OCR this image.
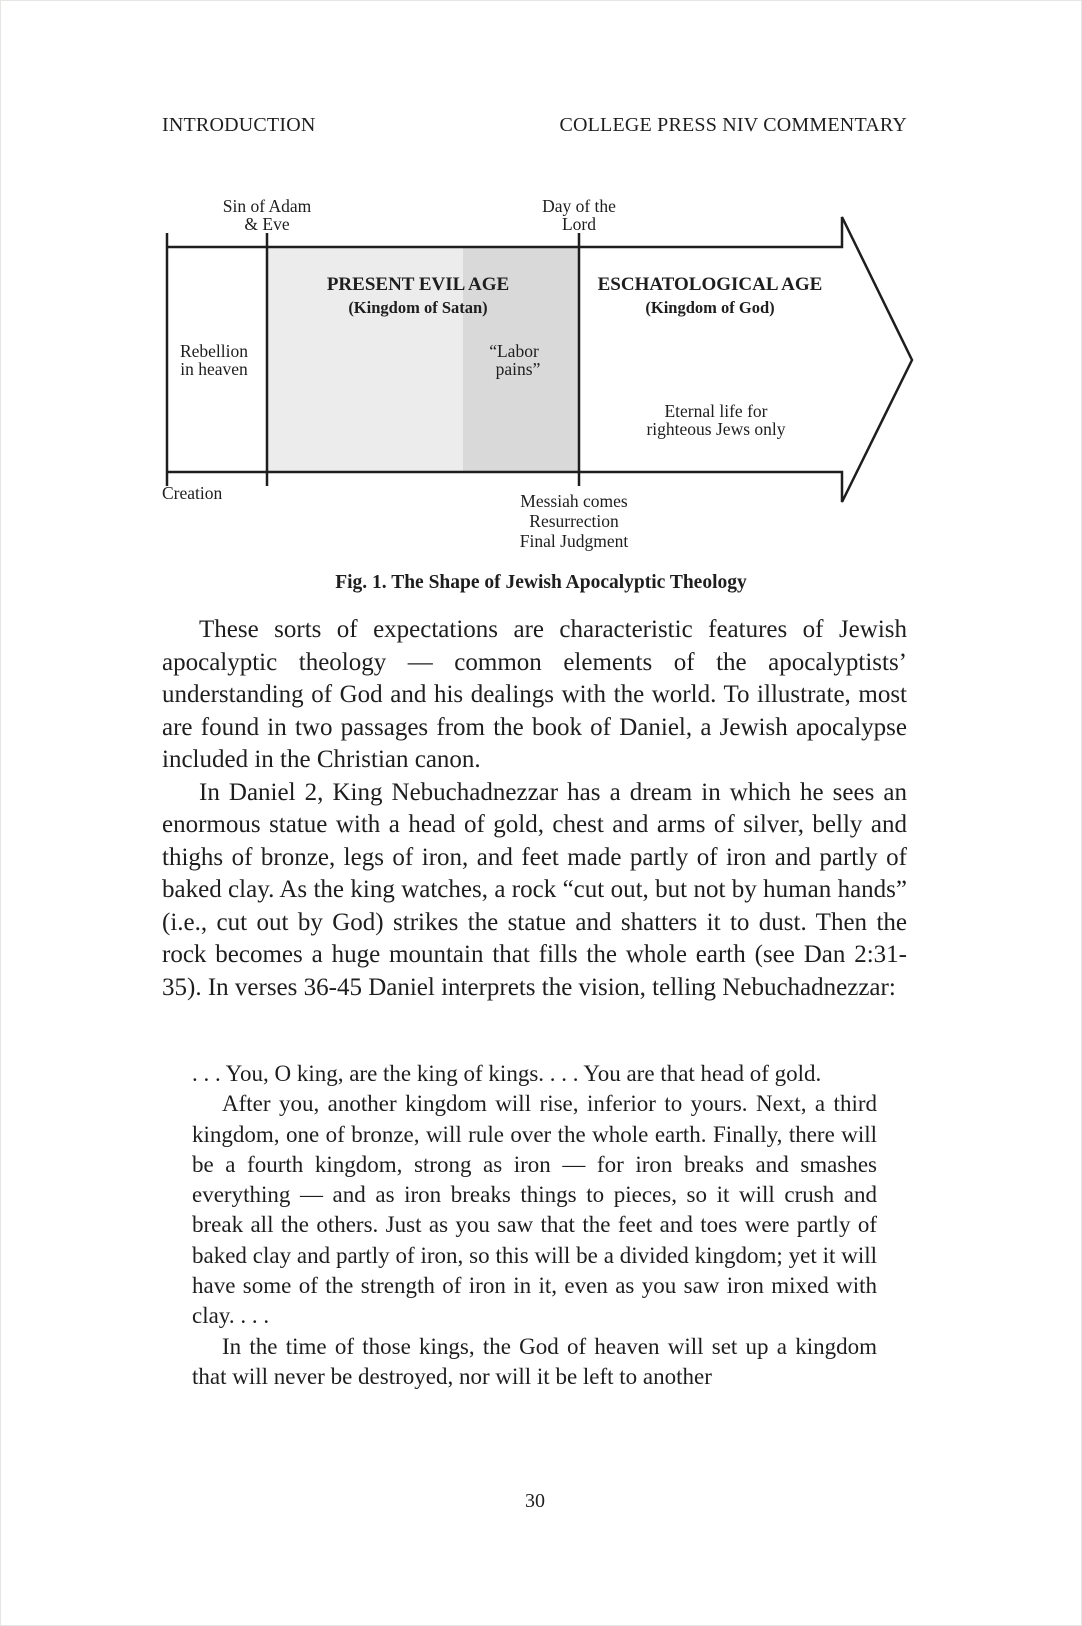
INTRODUCTION	COLLEGE PRESS NIV COMMENTARY
Sin of Adam
& Eve
Day of the
Lord
PRESENT EVIL AGE
(Kingdom of Satan)
ESCHATOLOGICAL AGE
(Kingdom of God)
Rebellion
in heaven
“Labor
pains”
Eternal life for
righteous Jews only
Creation	Messiah comes
Resurrection
Final Judgment
Fig. 1. The Shape of Jewish Apocalyptic Theology

These sorts of expectations are characteristic features of Jewish apocalyptic theology — common elements of the apocalyptists’ understanding of God and his dealings with the world. To illustrate, most are found in two passages from the book of Daniel, a Jewish apocalypse included in the Christian canon.

In Daniel 2, King Nebuchadnezzar has a dream in which he sees an enormous statue with a head of gold, chest and arms of silver, belly and thighs of bronze, legs of iron, and feet made partly of iron and partly of baked clay. As the king watches, a rock “cut out, but not by human hands” (i.e., cut out by God) strikes the statue and shatters it to dust. Then the rock becomes a huge mountain that fills the whole earth (see Dan 2:31-35). In verses 36-45 Daniel interprets the vision, telling Nebuchadnezzar:

. . . You, O king, are the king of kings. . . . You are that head of gold.

After you, another kingdom will rise, inferior to yours. Next, a third kingdom, one of bronze, will rule over the whole earth. Finally, there will be a fourth kingdom, strong as iron — for iron breaks and smashes everything — and as iron breaks things to pieces, so it will crush and break all the others. Just as you saw that the feet and toes were partly of baked clay and partly of iron, so this will be a divided kingdom; yet it will have some of the strength of iron in it, even as you saw iron mixed with clay. . . .

In the time of those kings, the God of heaven will set up a kingdom that will never be destroyed, nor will it be left to another

30
